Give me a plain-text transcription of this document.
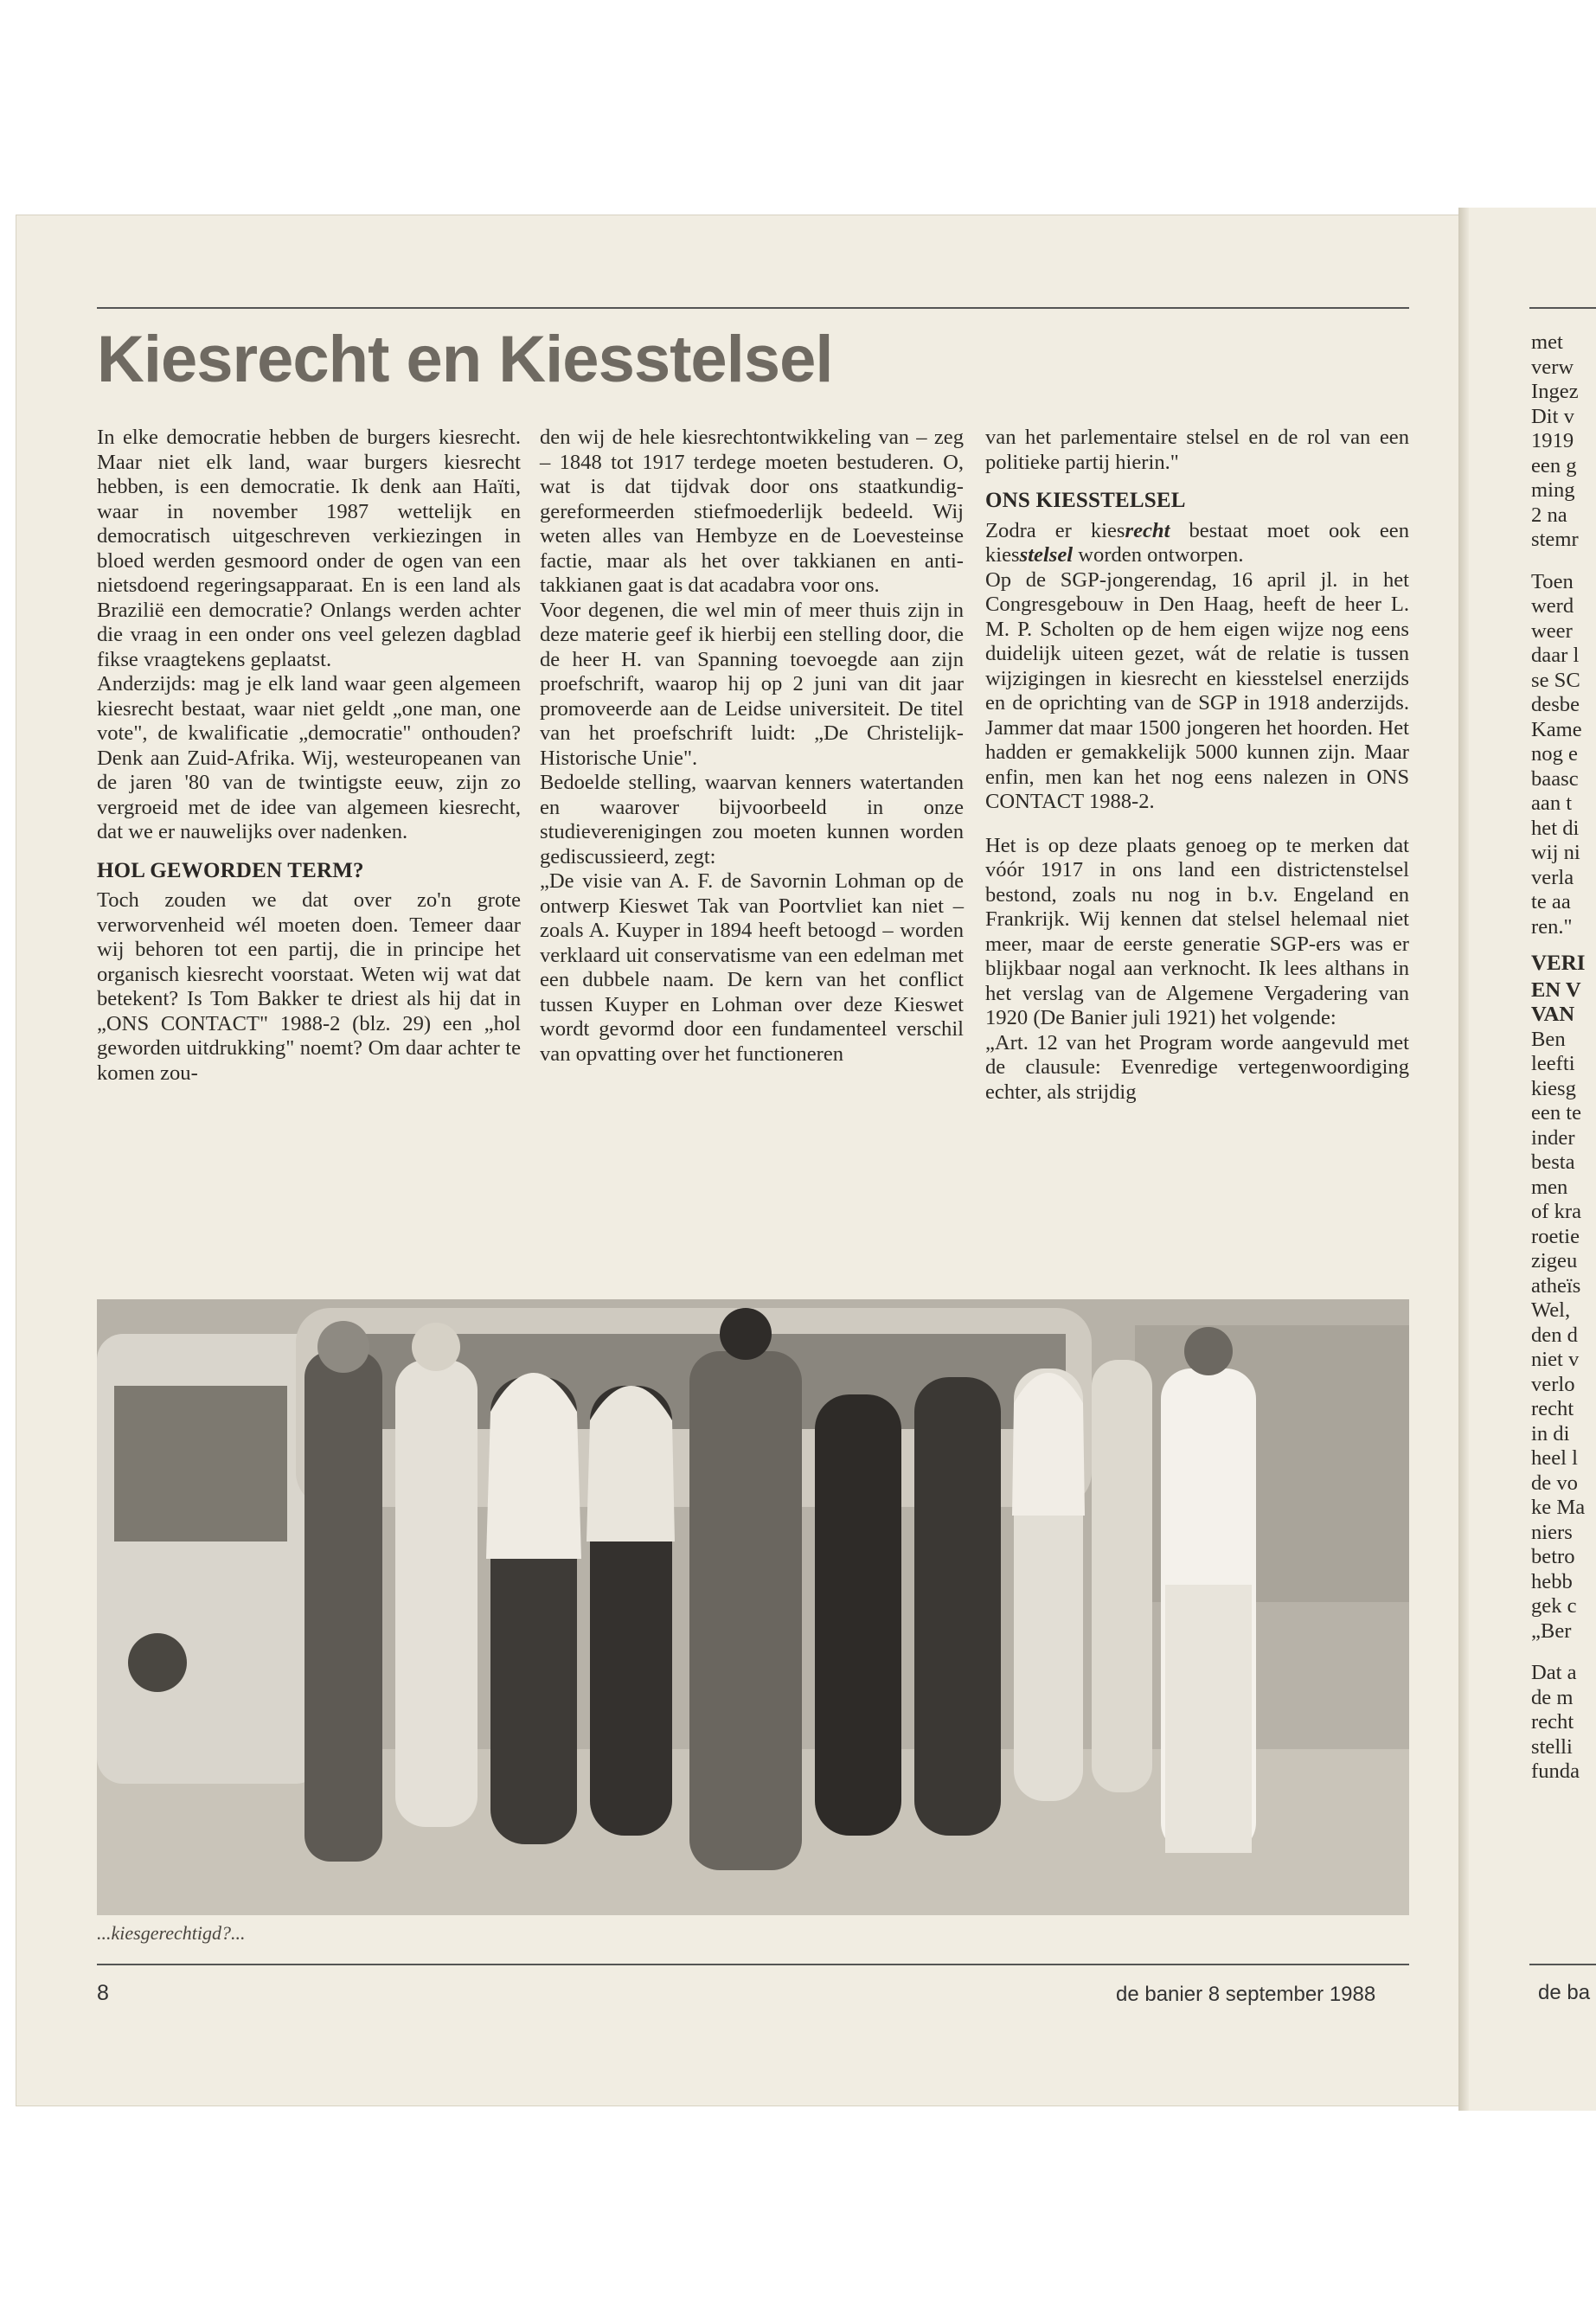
Kiesrecht en Kiesstelsel

In elke democratie hebben de burgers kiesrecht. Maar niet elk land, waar burgers kiesrecht hebben, is een democratie. Ik denk aan Haïti, waar in november 1987 wettelijk en democratisch uitgeschreven verkiezingen in bloed werden gesmoord onder de ogen van een nietsdoend regeringsapparaat. En is een land als Brazilië een democratie? Onlangs werden achter die vraag in een onder ons veel gelezen dagblad fikse vraagtekens geplaatst.

Anderzijds: mag je elk land waar geen algemeen kiesrecht bestaat, waar niet geldt „one man, one vote", de kwalificatie „democratie" onthouden? Denk aan Zuid-Afrika. Wij, westeuropeanen van de jaren '80 van de twintigste eeuw, zijn zo vergroeid met de idee van algemeen kiesrecht, dat we er nauwelijks over nadenken.

HOL GEWORDEN TERM?

Toch zouden we dat over zo'n grote verworvenheid wél moeten doen. Temeer daar wij behoren tot een partij, die in principe het organisch kiesrecht voorstaat. Weten wij wat dat betekent? Is Tom Bakker te driest als hij dat in „ONS CONTACT" 1988-2 (blz. 29) een „hol geworden uitdrukking" noemt? Om daar achter te komen zou-

den wij de hele kiesrechtontwikkeling van – zeg – 1848 tot 1917 terdege moeten bestuderen. O, wat is dat tijdvak door ons staatkundig-gereformeerden stiefmoederlijk bedeeld. Wij weten alles van Hembyze en de Loevesteinse factie, maar als het over takkianen en anti-takkianen gaat is dat acadabra voor ons.

Voor degenen, die wel min of meer thuis zijn in deze materie geef ik hierbij een stelling door, die de heer H. van Spanning toevoegde aan zijn proefschrift, waarop hij op 2 juni van dit jaar promoveerde aan de Leidse universiteit. De titel van het proefschrift luidt: „De Christelijk-Historische Unie".

Bedoelde stelling, waarvan kenners watertanden en waarover bijvoorbeeld in onze studieverenigingen zou moeten kunnen worden gediscussieerd, zegt:

„De visie van A. F. de Savornin Lohman op de ontwerp Kieswet Tak van Poortvliet kan niet – zoals A. Kuyper in 1894 heeft betoogd – worden verklaard uit conservatisme van een edelman met een dubbele naam. De kern van het conflict tussen Kuyper en Lohman over deze Kieswet wordt gevormd door een fundamenteel verschil van opvatting over het functioneren

van het parlementaire stelsel en de rol van een politieke partij hierin."

ONS KIESSTELSEL

Zodra er kiesrecht bestaat moet ook een kiesstelsel worden ontworpen.

Op de SGP-jongerendag, 16 april jl. in het Congresgebouw in Den Haag, heeft de heer L. M. P. Scholten op de hem eigen wijze nog eens duidelijk uiteen gezet, wát de relatie is tussen wijzigingen in kiesrecht en kiesstelsel enerzijds en de oprichting van de SGP in 1918 anderzijds. Jammer dat maar 1500 jongeren het hoorden. Het hadden er gemakkelijk 5000 kunnen zijn. Maar enfin, men kan het nog eens nalezen in ONS CONTACT 1988-2.

Het is op deze plaats genoeg op te merken dat vóór 1917 in ons land een districtenstelsel bestond, zoals nu nog in b.v. Engeland en Frankrijk. Wij kennen dat stelsel helemaal niet meer, maar de eerste generatie SGP-ers was er blijkbaar nogal aan verknocht. Ik lees althans in het verslag van de Algemene Vergadering van 1920 (De Banier juli 1921) het volgende:

„Art. 12 van het Program worde aangevuld met de clausule: Evenredige vertegenwoordiging echter, als strijdig

...kiesgerechtigd?...

8	de banier 8 september 1988

met

verw

Ingez

Dit v

1919

een g

ming

2 na

stemr

Toen

werd

weer

daar l

se SC

desbe

Kame

nog e

baasc

aan t

het di

wij ni

verla

te aa

ren."

VERI

EN V

VAN

Ben

leefti

kiesg

een te

inder

besta

men

of kra

roetie

zigeu

atheïs

Wel,

den d

niet v

verlo

recht

in di

heel l

de vo

ke Ma

niers

betro

hebb

gek c

„Ber

Dat a

de m

recht

stelli

funda

de ba
